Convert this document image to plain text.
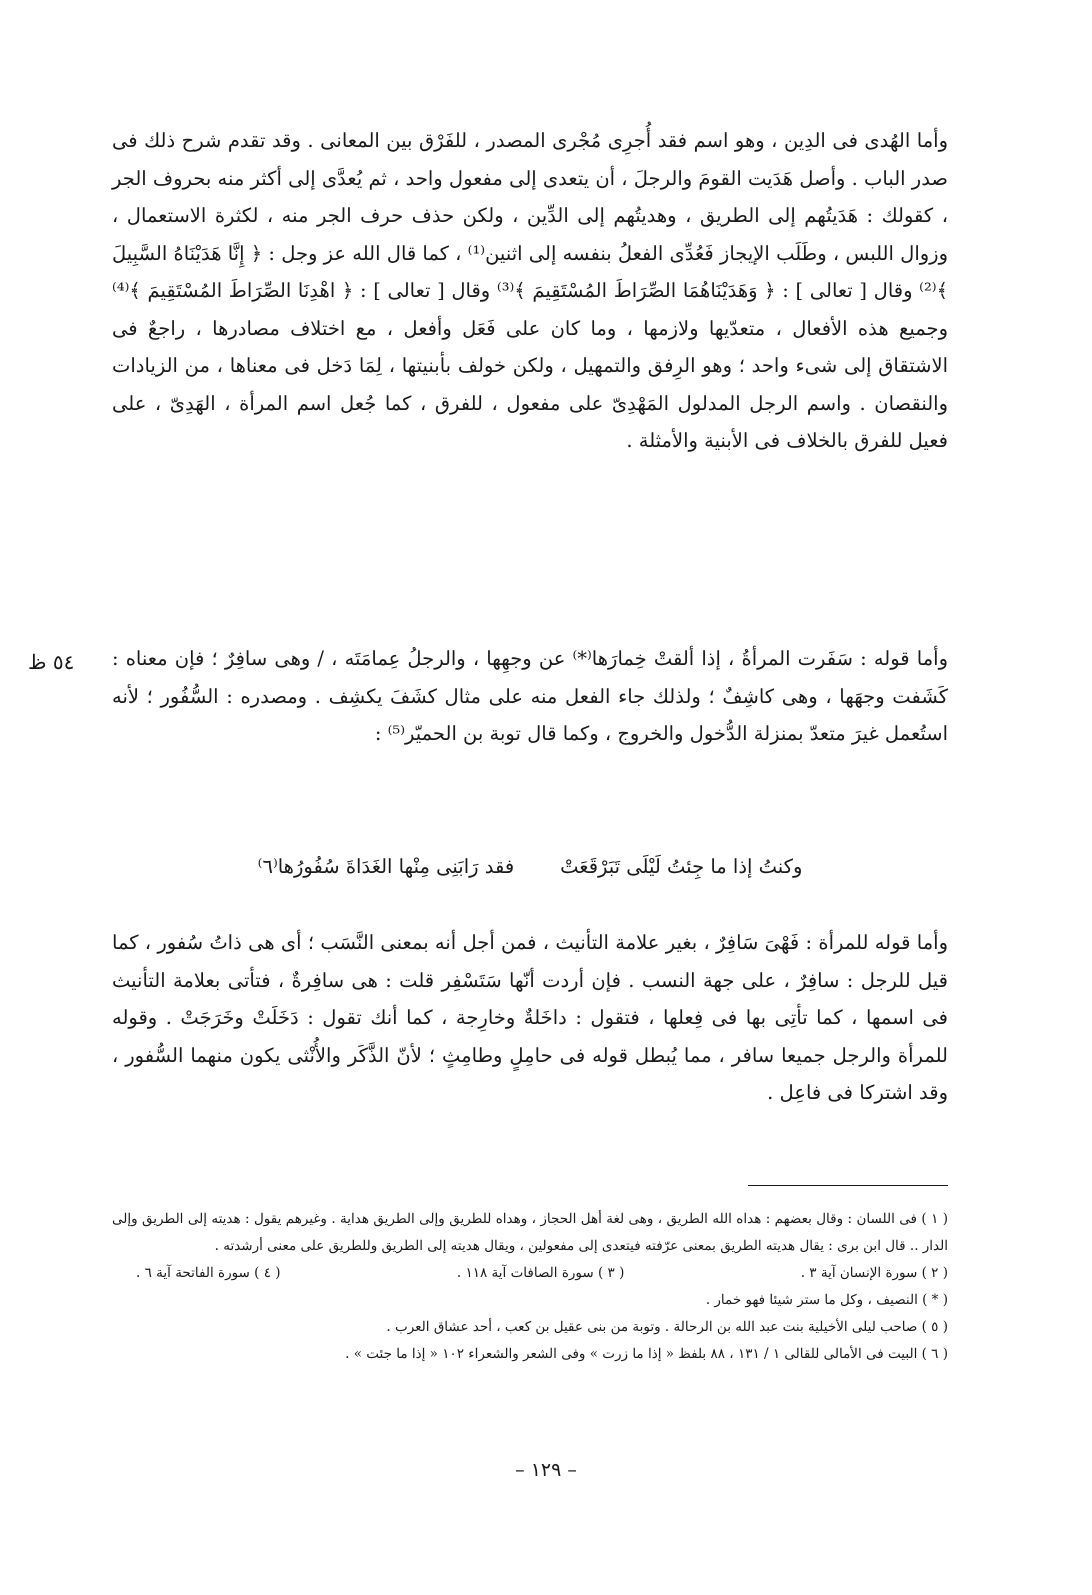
وأما الهُدى فى الدِين ، وهو اسم فقد أُجرِى مُجْرى المصدر ، للفَرْق بين المعانى . وقد تقدم شرح ذلك فى صدر الباب . وأصل هَدَيت القومَ والرجلَ ، أن يتعدى إلى مفعول واحد ، ثم يُعدَّى إلى أكثر منه بحروف الجر ، كقولك : هَدَيتُهم إلى الطريق ، وهديتُهم إلى الدِّين ، ولكن حذف حرف الجر منه ، لكثرة الاستعمال ، وزوال اللبس ، وطَلَب الإيجاز فَعُدِّى الفعلُ بنفسه إلى اثنين⁽¹⁾ ، كما قال الله عز وجل : ﴿ إِنَّا هَدَيْنَاهُ السَّبِيلَ ﴾⁽²⁾ وقال [ تعالى ] : ﴿ وَهَدَيْنَاهُمَا الصِّرَاطَ المُسْتَقِيمَ ﴾⁽³⁾ وقال [ تعالى ] : ﴿ اهْدِنَا الصِّرَاطَ المُسْتَقِيمَ ﴾⁽⁴⁾ وجميع هذه الأفعال ، متعدّيها ولازمها ، وما كان على فَعَل وأفعل ، مع اختلاف مصادرها ، راجعٌ فى الاشتقاق إلى شىء واحد ؛ وهو الرِفق والتمهيل ، ولكن خولف بأبنيتها ، لِمَا دَخل فى معناها ، من الزيادات والنقصان . واسم الرجل المدلول المَهْدِىّ على مفعول ، للفرق ، كما جُعل اسم المرأة ، الهَدِىّ ، على فعيل للفرق بالخلاف فى الأبنية والأمثلة .

٥٤ ظ وأما قوله : سَفَرت المرأةُ ، إذا ألقتْ خِمارَها⁽*⁾ عن وجهِها ، والرجلُ عِمامَتَه ، / وهى سافِرٌ ؛ فإن معناه : كَشَفت وجهَها ، وهى كاشِفٌ ؛ ولذلك جاء الفعل منه على مثال كشَفَ يكشِف . ومصدره : السُّفُور ؛ لأنه استُعمل غيرَ متعدّ بمنزلة الدُّخول والخروج ، وكما قال توبة بن الحميّر⁽⁵⁾ :

وكنتُ إذا ما جِئتُ لَيْلَى تَبَرْقَعَتْ
فقد رَابَنِى مِنْها الغَدَاةَ سُفُورُها⁽٦⁾

وأما قوله للمرأة : فَهْىَ سَافِرٌ ، بغير علامة التأنيث ، فمن أجل أنه بمعنى النَّسَب ؛ أى هى ذاتُ سُفور ، كما قيل للرجل : سافِرٌ ، على جهة النسب . فإن أردت أنّها سَتَسْفِر قلت : هى سافِرةٌ ، فتأتى بعلامة التأنيث فى اسمها ، كما تأتِى بها فى فِعلها ، فتقول : داخَلةٌ وخارِجة ، كما أنك تقول : دَخَلَتْ وخَرَجَتْ . وقوله للمرأة والرجل جميعا سافر ، مما يُبطل قوله فى حامِلٍ وطامِثٍ ؛ لأنّ الذَّكَر والأُنْثى يكون منهما السُّفور ، وقد اشتركا فى فاعِل .

( ١ ) فى اللسان : وقال بعضهم : هداه الله الطريق ، وهى لغة أهل الحجاز ، وهداه للطريق وإلى الطريق هداية . وغيرهم يقول : هديته إلى الطريق وإلى الدار .. قال ابن برى : يقال هديته الطريق بمعنى عرّفته فيتعدى إلى مفعولين ، ويقال هديته إلى الطريق وللطريق على معنى أرشدته .

( ٢ ) سورة الإنسان آية ٣ .
( ٣ ) سورة الصافات آية ١١٨ .
( ٤ ) سورة الفاتحة آية ٦ .

( * ) النصيف ، وكل ما ستر شيئا فهو خمار .

( ٥ ) صاحب ليلى الأخيلية بنت عبد الله بن الرحالة . وتوبة من بنى عقيل بن كعب ، أحد عشاق العرب .

( ٦ ) البيت فى الأمالى للقالى ١ / ١٣١ ، ٨٨ بلفظ « إذا ما زرت » وفى الشعر والشعراء ١٠٢ « إذا ما جئت » .

– ١٢٩ –
